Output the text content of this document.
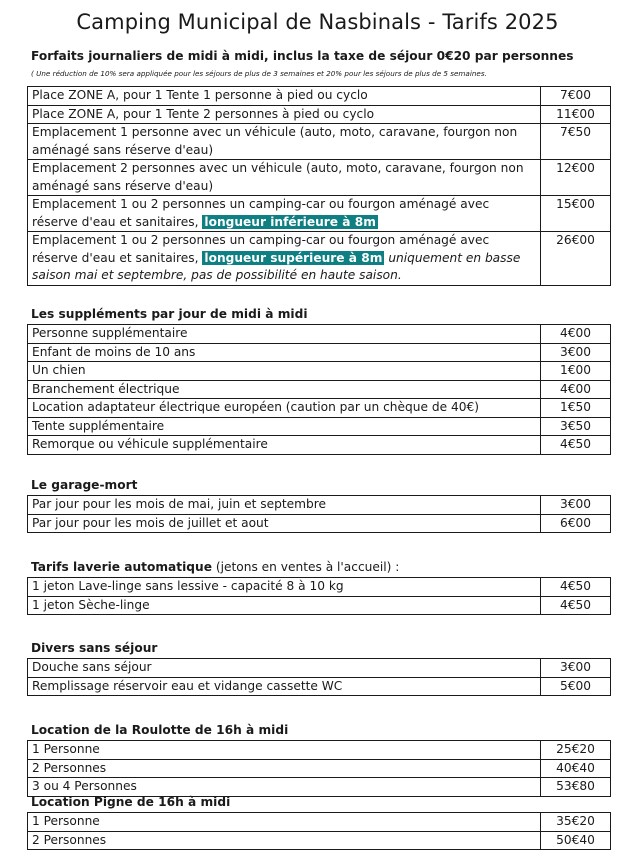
Camping Municipal de Nasbinals - Tarifs 2025
Forfaits journaliers de midi à midi, inclus la taxe de séjour 0€20 par personnes
( Une réduction de 10% sera appliquée pour les séjours de plus de 3 semaines et 20% pour les séjours de plus de 5 semaines.
Place ZONE A, pour 1 Tente 1 personne à pied ou cyclo	7€00
Place ZONE A, pour 1 Tente 2 personnes à pied ou cyclo	11€00
Emplacement 1 personne avec un véhicule (auto, moto, caravane, fourgon non aménagé sans réserve d'eau)	7€50
Emplacement 2 personnes avec un véhicule (auto, moto, caravane, fourgon non aménagé sans réserve d'eau)	12€00
Emplacement 1 ou 2 personnes un camping-car ou fourgon aménagé avec réserve d'eau et sanitaires, longueur inférieure à 8m	15€00
Emplacement 1 ou 2 personnes un camping-car ou fourgon aménagé avec réserve d'eau et sanitaires, longueur supérieure à 8m uniquement en basse saison mai et septembre, pas de possibilité en haute saison.	26€00
Les suppléments par jour de midi à midi
Personne supplémentaire	4€00
Enfant de moins de 10 ans	3€00
Un chien	1€00
Branchement électrique	4€00
Location adaptateur électrique européen (caution par un chèque de 40€)	1€50
Tente supplémentaire	3€50
Remorque ou véhicule supplémentaire	4€50
Le garage-mort
Par jour pour les mois de mai, juin et septembre	3€00
Par jour pour les mois de juillet et aout	6€00
Tarifs laverie automatique (jetons en ventes à l'accueil) :
1 jeton Lave-linge sans lessive - capacité 8 à 10 kg	4€50
1 jeton Sèche-linge	4€50
Divers sans séjour
Douche sans séjour	3€00
Remplissage réservoir eau et vidange cassette WC	5€00
Location de la Roulotte de 16h à midi
1 Personne	25€20
2 Personnes	40€40
3 ou 4 Personnes	53€80
Location Pigne de 16h à midi
1 Personne	35€20
2 Personnes	50€40
